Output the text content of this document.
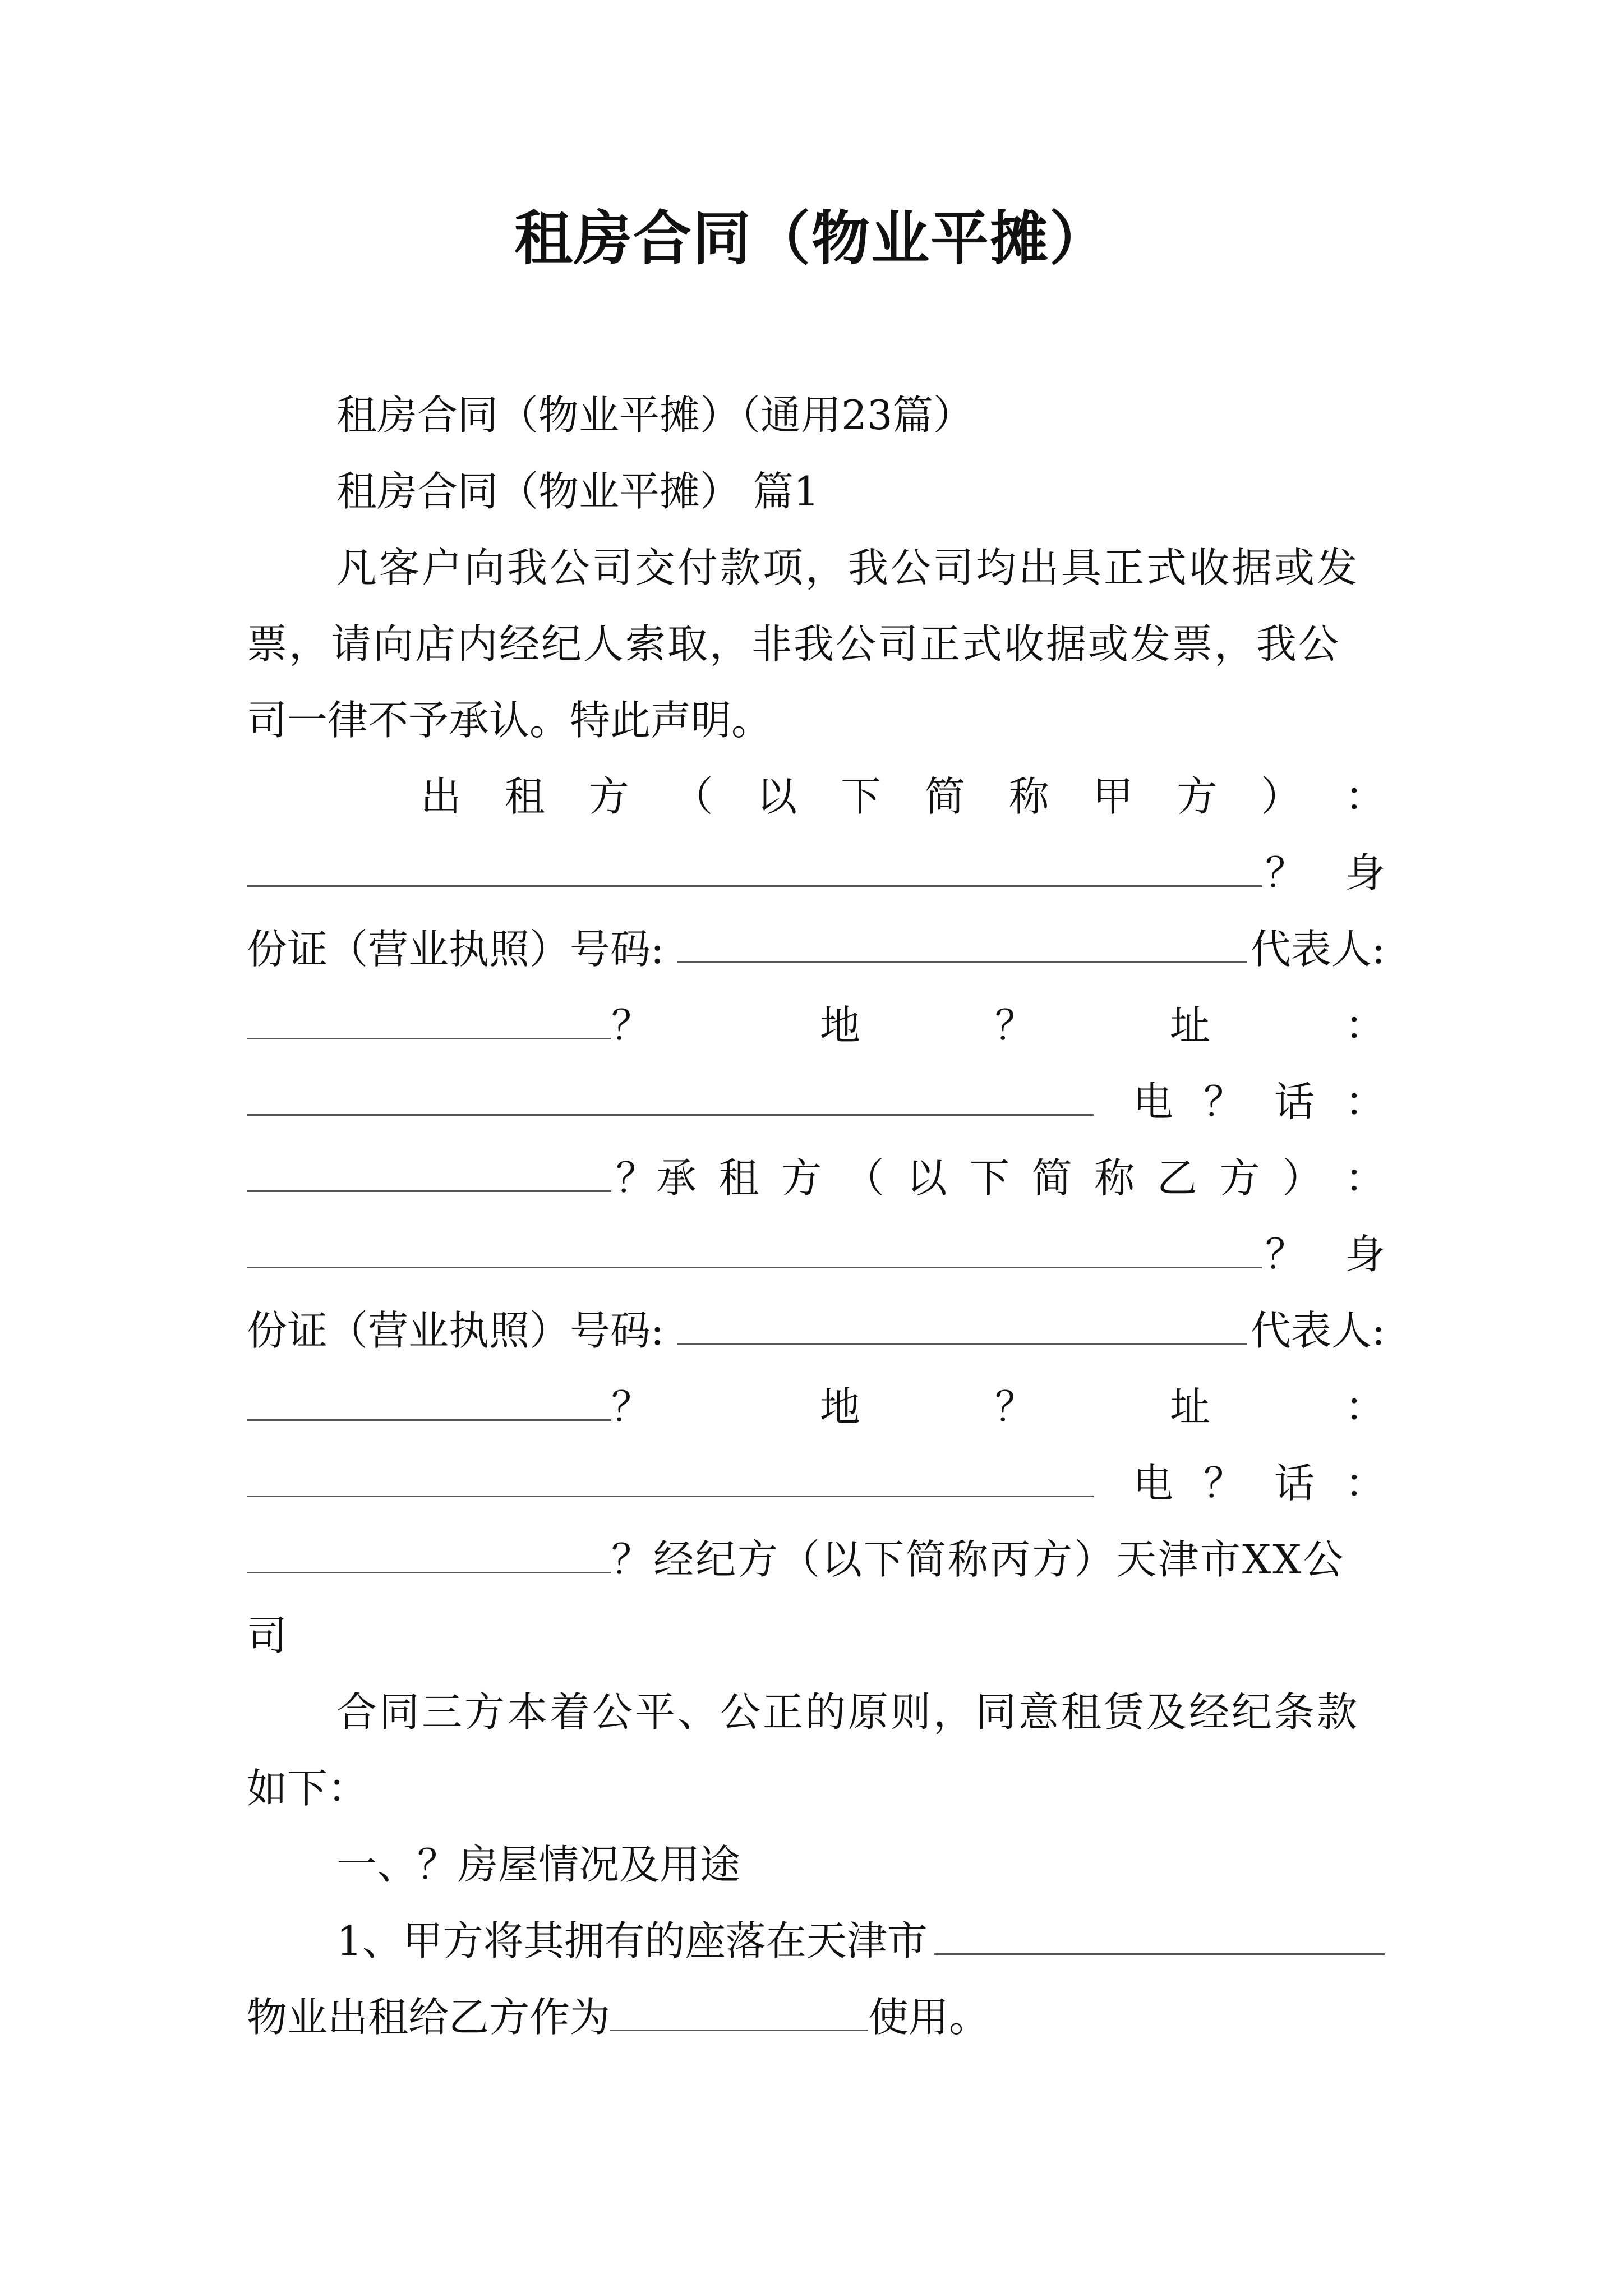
租房合同（物业平摊）
租房合同（物业平摊）（通用23篇）
租房合同（物业平摊） 篇1
凡客户向我公司交付款项，我公司均出具正式收据或发
票，请向店内经纪人索取，非我公司正式收据或发票，我公
司一律不予承认。特此声明。
出 租 方 （ 以 下 简 称 甲 方 ） ：
？ 身
份证（营业执照）号码:	代表人:
？	地	？	址	：
电 ？ 话 ：
？承 租 方 （ 以 下 简 称 乙 方 ） ：
？ 身
份证（营业执照）号码:	代表人:
？	地	？	址	：
电 ？ 话 ：
？经纪方（以下简称丙方）天津市XX公
司
合同三方本着公平、公正的原则，同意租赁及经纪条款
如下：
一、？房屋情况及用途
1、甲方将其拥有的座落在天津市
物业出租给乙方作为	使用。
